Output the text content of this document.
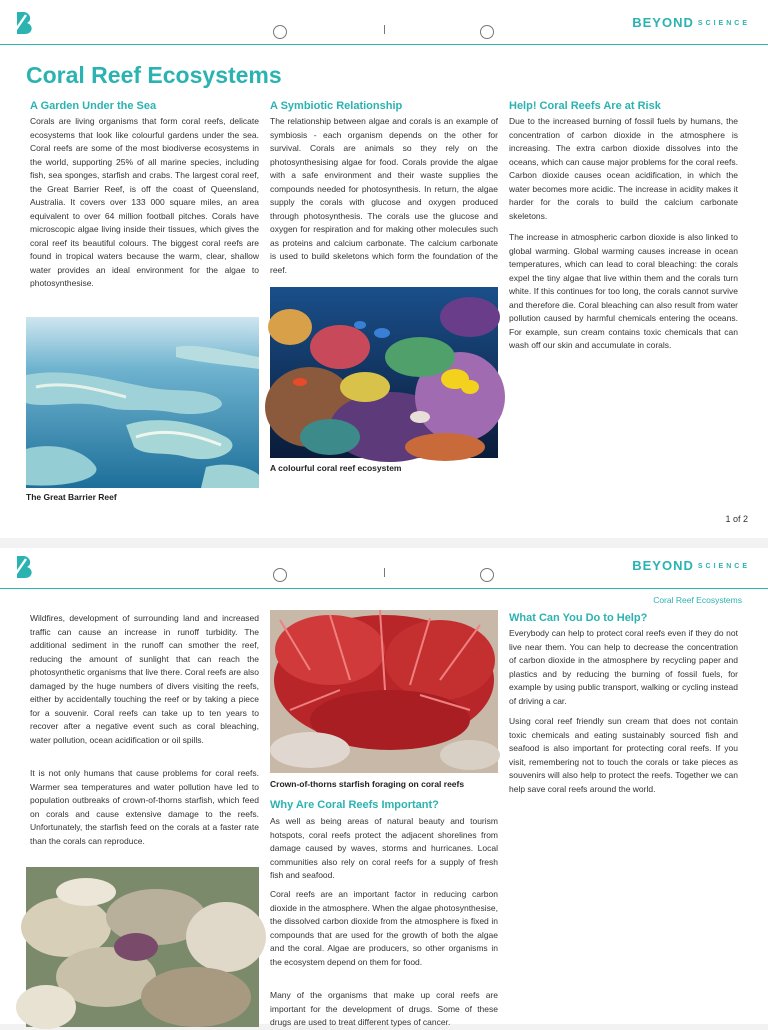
BEYOND SCIENCE
Coral Reef Ecosystems
A Garden Under the Sea

Corals are living organisms that form coral reefs, delicate ecosystems that look like colourful gardens under the sea. Coral reefs are some of the most biodiverse ecosystems in the world, supporting 25% of all marine species, including fish, sea sponges, starfish and crabs. The largest coral reef, the Great Barrier Reef, is off the coast of Queensland, Australia. It covers over 133 000 square miles, an area equivalent to over 64 million football pitches. Corals have microscopic algae living inside their tissues, which gives the coral reef its beautiful colours. The biggest coral reefs are found in tropical waters because the warm, clear, shallow water provides an ideal environment for the algae to photosynthesise.

The Great Barrier Reef

A Symbiotic Relationship

The relationship between algae and corals is an example of symbiosis - each organism depends on the other for survival. Corals are animals so they rely on the photosynthesising algae for food. Corals provide the algae with a safe environment and their waste supplies the compounds needed for photosynthesis. In return, the algae supply the corals with glucose and oxygen produced through photosynthesis. The corals use the glucose and oxygen for respiration and for making other molecules such as proteins and calcium carbonate. The calcium carbonate is used to build skeletons which form the foundation of the reef.

A colourful coral reef ecosystem

Help! Coral Reefs Are at Risk

Due to the increased burning of fossil fuels by humans, the concentration of carbon dioxide in the atmosphere is increasing. The extra carbon dioxide dissolves into the oceans, which can cause major problems for the coral reefs. Carbon dioxide causes ocean acidification, in which the water becomes more acidic. The increase in acidity makes it harder for the corals to build the calcium carbonate skeletons.

The increase in atmospheric carbon dioxide is also linked to global warming. Global warming causes increase in ocean temperatures, which can lead to coral bleaching: the corals expel the tiny algae that live within them and the corals turn white. If this continues for too long, the corals cannot survive and therefore die. Coral bleaching can also result from water pollution caused by harmful chemicals entering the oceans. For example, sun cream contains toxic chemicals that can wash off our skin and accumulate in corals.

1 of 2
BEYOND SCIENCE
Coral Reef Ecosystems

Wildfires, development of surrounding land and increased traffic can cause an increase in runoff turbidity. The additional sediment in the runoff can smother the reef, reducing the amount of sunlight that can reach the photosynthetic organisms that live there. Coral reefs are also damaged by the huge numbers of divers visiting the reefs, either by accidentally touching the reef or by taking a piece for a souvenir. Coral reefs can take up to ten years to recover after a negative event such as coral bleaching, water pollution, ocean acidification or oil spills.

It is not only humans that cause problems for coral reefs. Warmer sea temperatures and water pollution have led to population outbreaks of crown-of-thorns starfish, which feed on corals and cause extensive damage to the reefs. Unfortunately, the starfish feed on the corals at a faster rate than the corals can reproduce.

Crown-of-thorns starfish foraging on coral reefs

Why Are Coral Reefs Important?

As well as being areas of natural beauty and tourism hotspots, coral reefs protect the adjacent shorelines from damage caused by waves, storms and hurricanes. Local communities also rely on coral reefs for a supply of fresh fish and seafood.

Coral reefs are an important factor in reducing carbon dioxide in the atmosphere. When the algae photosynthesise, the dissolved carbon dioxide from the atmosphere is fixed in compounds that are used for the growth of both the algae and the coral. Algae are producers, so other organisms in the ecosystem depend on them for food.

Many of the organisms that make up coral reefs are important for the development of drugs. Some of these drugs are used to treat different types of cancer.

What Can You Do to Help?

Everybody can help to protect coral reefs even if they do not live near them. You can help to decrease the concentration of carbon dioxide in the atmosphere by recycling paper and plastics and by reducing the burning of fossil fuels, for example by using public transport, walking or cycling instead of driving a car.

Using coral reef friendly sun cream that does not contain toxic chemicals and eating sustainably sourced fish and seafood is also important for protecting coral reefs. If you visit, remembering not to touch the corals or take pieces as souvenirs will also help to protect the reefs. Together we can help save coral reefs around the world.
